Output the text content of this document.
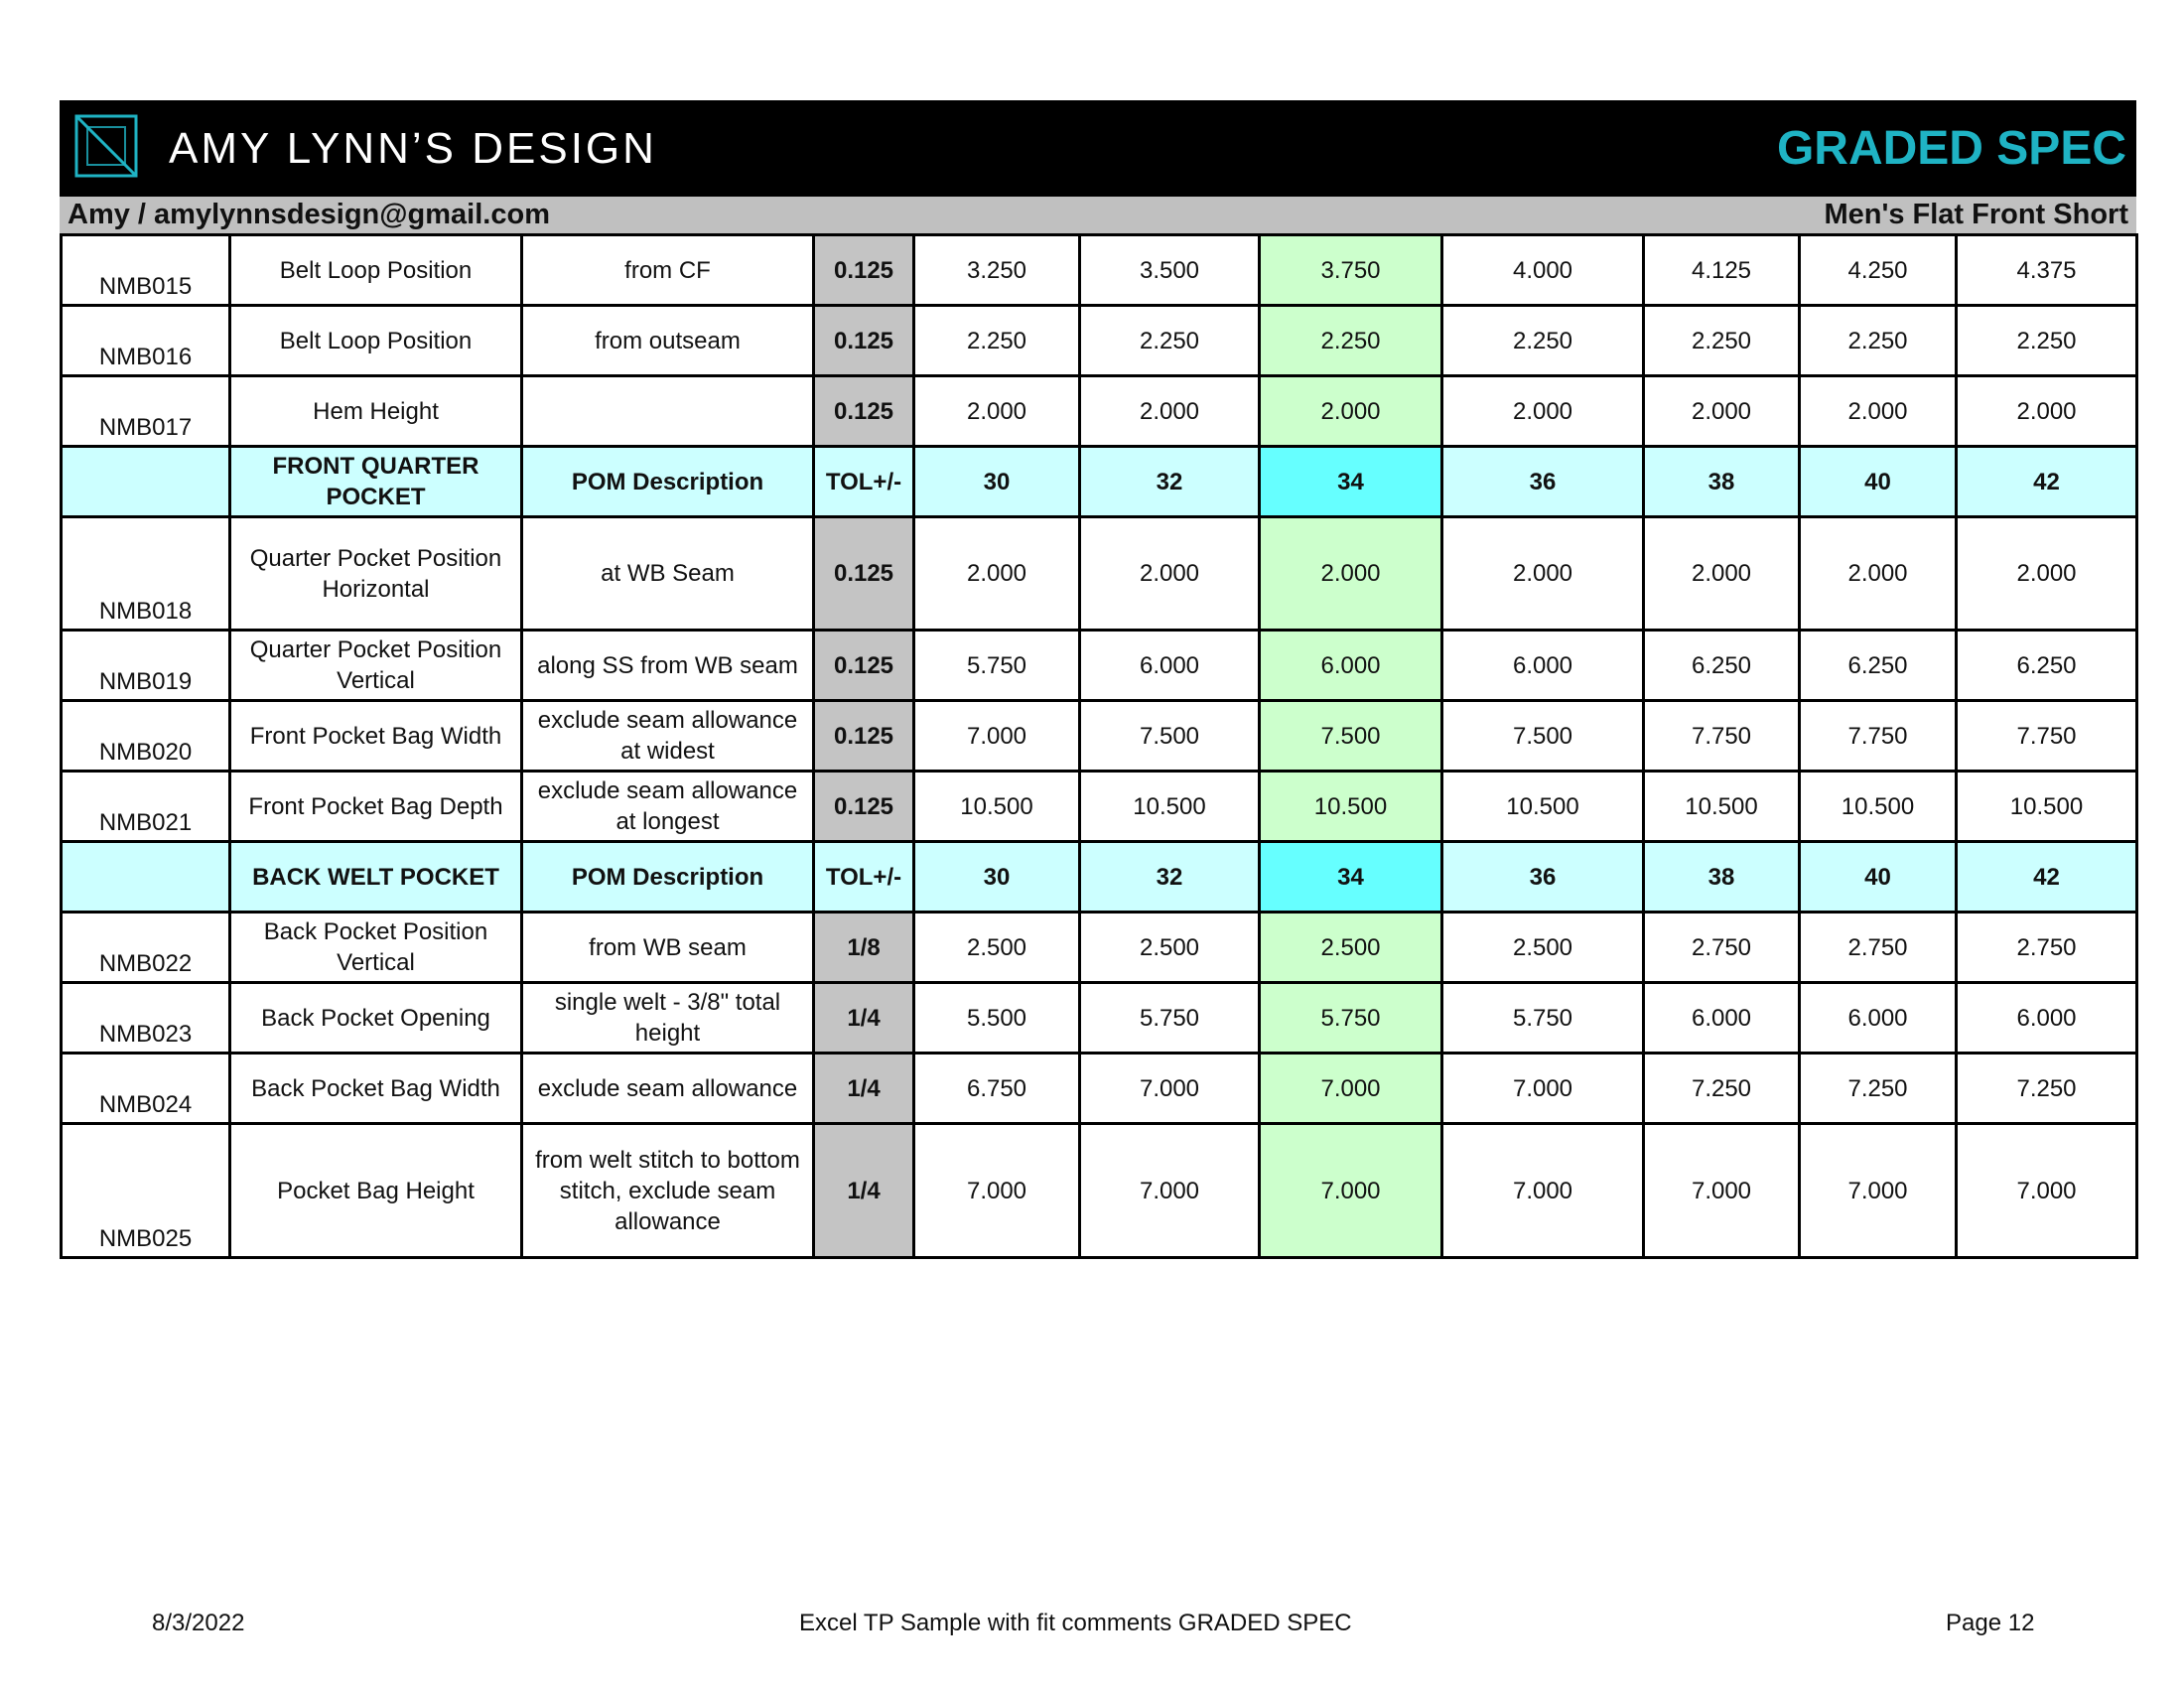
AMY LYNN’S DESIGN	GRADED SPEC
Amy / amylynnsdesign@gmail.com	Men's Flat Front Short
NMB015	Belt Loop Position	from CF	0.125	3.250	3.500	3.750	4.000	4.125	4.250	4.375
NMB016	Belt Loop Position	from outseam	0.125	2.250	2.250	2.250	2.250	2.250	2.250	2.250
NMB017	Hem Height		0.125	2.000	2.000	2.000	2.000	2.000	2.000	2.000
	FRONT QUARTER POCKET	POM Description	TOL+/-	30	32	34	36	38	40	42
NMB018	Quarter Pocket Position Horizontal	at WB Seam	0.125	2.000	2.000	2.000	2.000	2.000	2.000	2.000
NMB019	Quarter Pocket Position Vertical	along SS from WB seam	0.125	5.750	6.000	6.000	6.000	6.250	6.250	6.250
NMB020	Front Pocket Bag Width	exclude seam allowance at widest	0.125	7.000	7.500	7.500	7.500	7.750	7.750	7.750
NMB021	Front Pocket Bag Depth	exclude seam allowance at longest	0.125	10.500	10.500	10.500	10.500	10.500	10.500	10.500
	BACK WELT POCKET	POM Description	TOL+/-	30	32	34	36	38	40	42
NMB022	Back Pocket Position Vertical	from WB seam	1/8	2.500	2.500	2.500	2.500	2.750	2.750	2.750
NMB023	Back Pocket Opening	single welt - 3/8" total height	1/4	5.500	5.750	5.750	5.750	6.000	6.000	6.000
NMB024	Back Pocket Bag Width	exclude seam allowance	1/4	6.750	7.000	7.000	7.000	7.250	7.250	7.250
NMB025	Pocket Bag Height	from welt stitch to bottom stitch, exclude seam allowance	1/4	7.000	7.000	7.000	7.000	7.000	7.000	7.000
8/3/2022	Excel TP Sample with fit comments GRADED SPEC	Page 12
